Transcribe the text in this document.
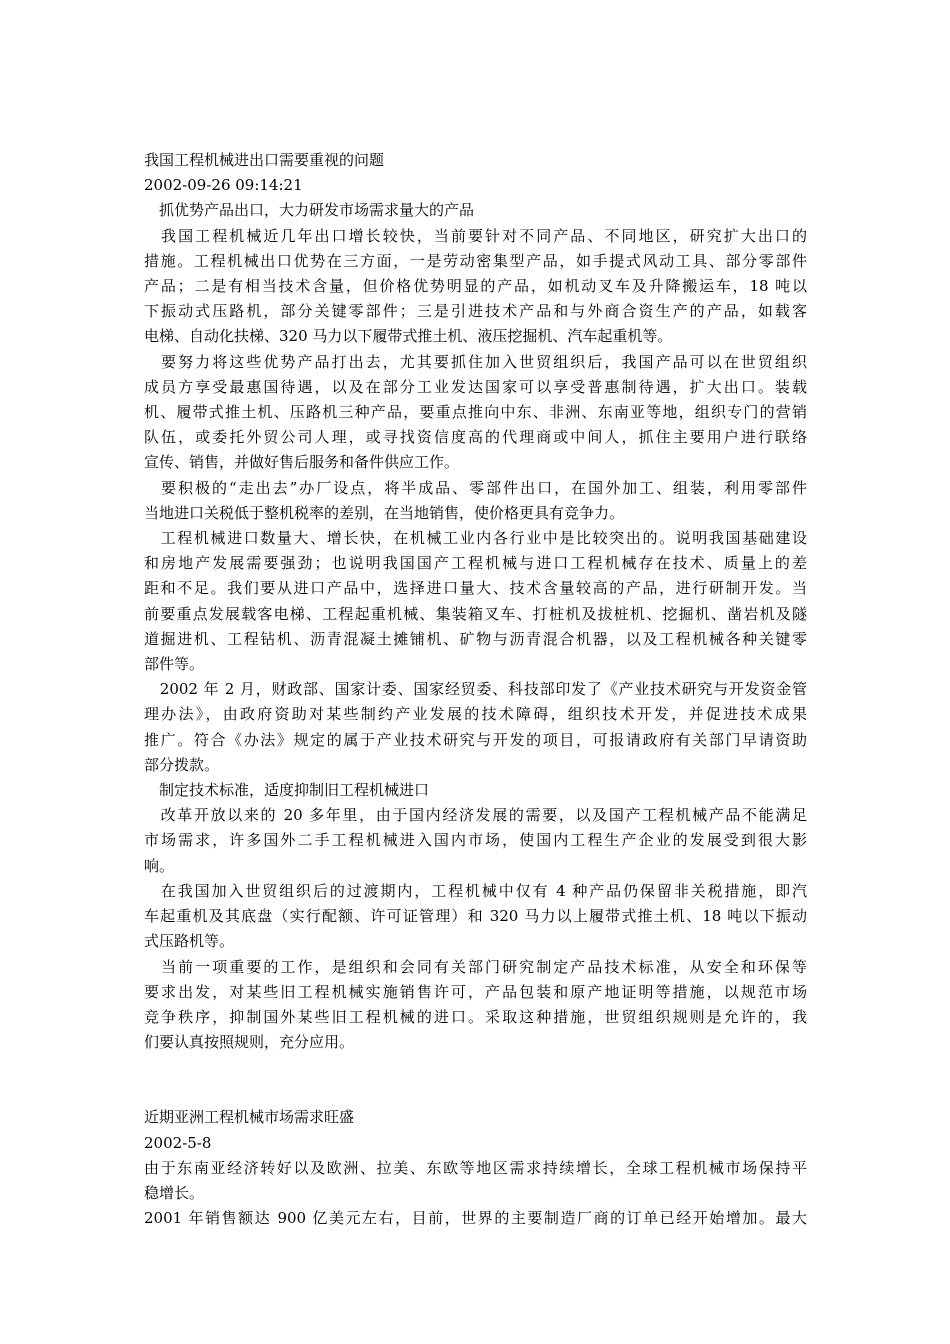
我国工程机械进出口需要重视的问题

2002-09-26 09:14:21

　抓优势产品出口，大力研发市场需求量大的产品

　我国工程机械近几年出口增长较快，当前要针对不同产品、不同地区，研究扩大出口的

措施。工程机械出口优势在三方面，一是劳动密集型产品，如手提式风动工具、部分零部件

产品；二是有相当技术含量，但价格优势明显的产品，如机动叉车及升降搬运车，18 吨以

下振动式压路机，部分关键零部件；三是引进技术产品和与外商合资生产的产品，如载客

电梯、自动化扶梯、320 马力以下履带式推土机、液压挖掘机、汽车起重机等。

　要努力将这些优势产品打出去，尤其要抓住加入世贸组织后，我国产品可以在世贸组织

成员方享受最惠国待遇，以及在部分工业发达国家可以享受普惠制待遇，扩大出口。装载

机、履带式推土机、压路机三种产品，要重点推向中东、非洲、东南亚等地，组织专门的营销

队伍，或委托外贸公司人理，或寻找资信度高的代理商或中间人，抓住主要用户进行联络

宣传、销售，并做好售后服务和备件供应工作。

　要积极的“走出去”办厂设点，将半成品、零部件出口，在国外加工、组装，利用零部件

当地进口关税低于整机税率的差别，在当地销售，使价格更具有竞争力。

　工程机械进口数量大、增长快，在机械工业内各行业中是比较突出的。说明我国基础建设

和房地产发展需要强劲；也说明我国国产工程机械与进口工程机械存在技术、质量上的差

距和不足。我们要从进口产品中，选择进口量大、技术含量较高的产品，进行研制开发。当

前要重点发展载客电梯、工程起重机械、集装箱叉车、打桩机及拔桩机、挖掘机、凿岩机及隧

道掘进机、工程钻机、沥青混凝土摊铺机、矿物与沥青混合机器，以及工程机械各种关键零

部件等。

　2002 年 2 月，财政部、国家计委、国家经贸委、科技部印发了《产业技术研究与开发资金管

理办法》，由政府资助对某些制约产业发展的技术障碍，组织技术开发，并促进技术成果

推广。符合《办法》规定的属于产业技术研究与开发的项目，可报请政府有关部门早请资助

部分拨款。

　制定技术标准，适度抑制旧工程机械进口

　改革开放以来的 20 多年里，由于国内经济发展的需要，以及国产工程机械产品不能满足

市场需求，许多国外二手工程机械进入国内市场，使国内工程生产企业的发展受到很大影

响。

　在我国加入世贸组织后的过渡期内，工程机械中仅有 4 种产品仍保留非关税措施，即汽

车起重机及其底盘（实行配额、许可证管理）和 320 马力以上履带式推土机、18 吨以下振动

式压路机等。

　当前一项重要的工作，是组织和会同有关部门研究制定产品技术标准，从安全和环保等

要求出发，对某些旧工程机械实施销售许可，产品包装和原产地证明等措施，以规范市场

竞争秩序，抑制国外某些旧工程机械的进口。采取这种措施，世贸组织规则是允许的，我

们要认真按照规则，充分应用。

近期亚洲工程机械市场需求旺盛

2002-5-8

由于东南亚经济转好以及欧洲、拉美、东欧等地区需求持续增长，全球工程机械市场保持平

稳增长。

2001 年销售额达 900 亿美元左右，目前，世界的主要制造厂商的订单已经开始增加。最大
